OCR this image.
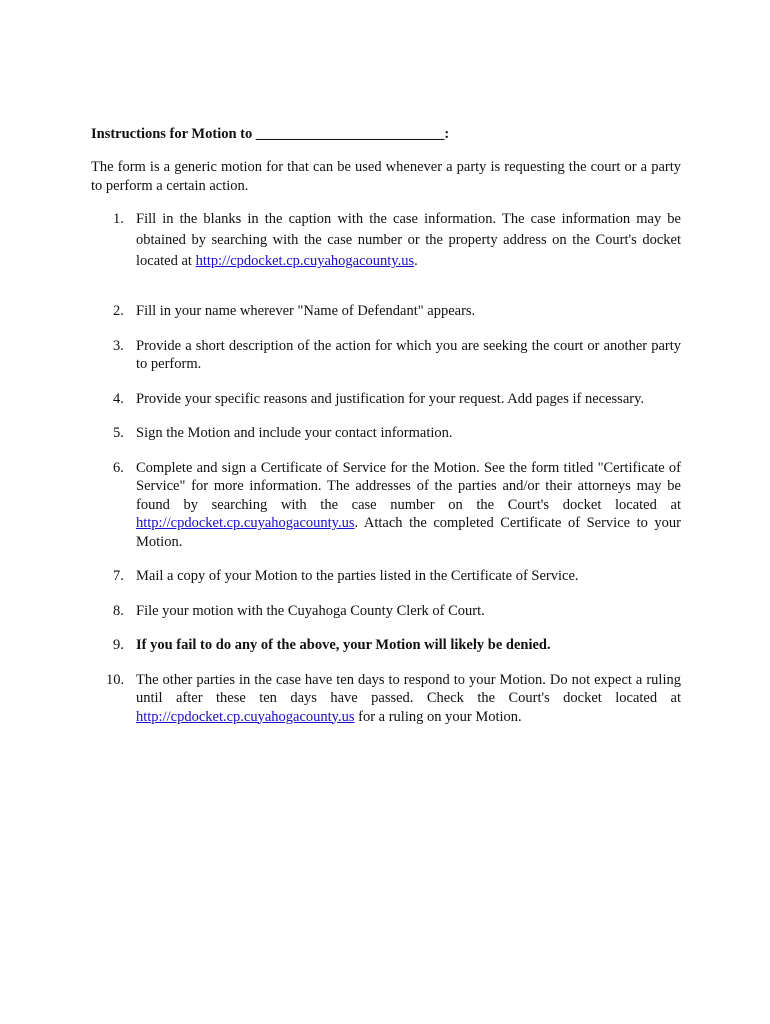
Instructions for Motion to __________________________:

The form is a generic motion for that can be used whenever a party is requesting the court or a party to perform a certain action.

1. Fill in the blanks in the caption with the case information. The case information may be obtained by searching with the case number or the property address on the Court's docket located at http://cpdocket.cp.cuyahogacounty.us.
2. Fill in your name wherever "Name of Defendant" appears.
3. Provide a short description of the action for which you are seeking the court or another party to perform.
4. Provide your specific reasons and justification for your request. Add pages if necessary.
5. Sign the Motion and include your contact information.
6. Complete and sign a Certificate of Service for the Motion. See the form titled "Certificate of Service" for more information. The addresses of the parties and/or their attorneys may be found by searching with the case number on the Court's docket located at http://cpdocket.cp.cuyahogacounty.us. Attach the completed Certificate of Service to your Motion.
7. Mail a copy of your Motion to the parties listed in the Certificate of Service.
8. File your motion with the Cuyahoga County Clerk of Court.
9. If you fail to do any of the above, your Motion will likely be denied.
10. The other parties in the case have ten days to respond to your Motion. Do not expect a ruling until after these ten days have passed. Check the Court's docket located at http://cpdocket.cp.cuyahogacounty.us for a ruling on your Motion.
